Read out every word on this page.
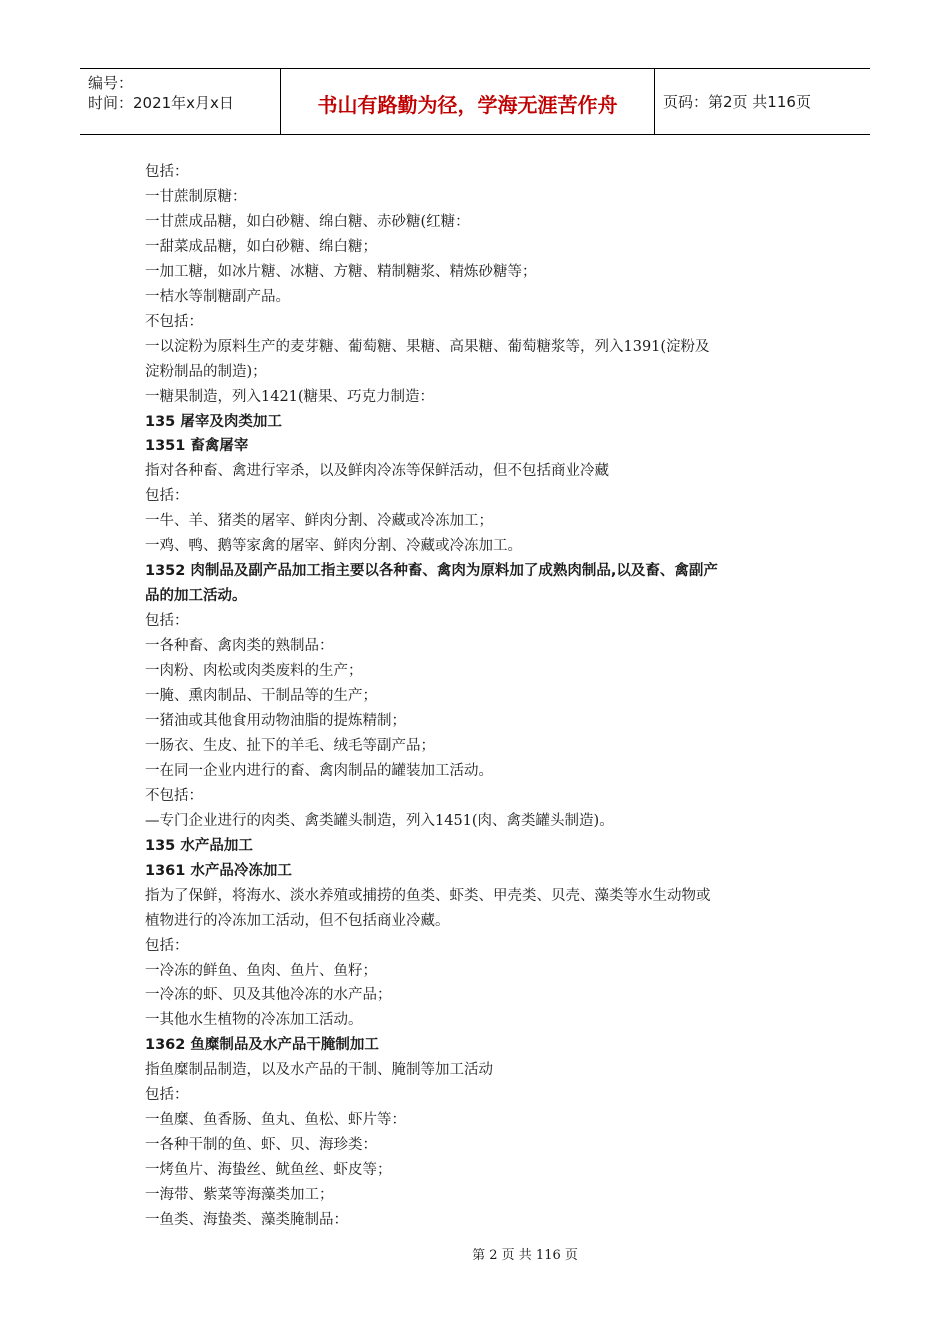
编号：
时间：2021年x月x日	书山有路勤为径，学海无涯苦作舟	页码：第2页 共116页
包括：
一甘蔗制原糖：
一甘蔗成品糖，如白砂糖、绵白糖、赤砂糖(红糖：
一甜菜成品糖，如白砂糖、绵白糖；
一加工糖，如冰片糖、冰糖、方糖、精制糖浆、精炼砂糖等；
一桔水等制糖副产品。
不包括：
一以淀粉为原料生产的麦芽糖、葡萄糖、果糖、高果糖、葡萄糖浆等，列入1391(淀粉及
淀粉制品的制造)；
一糖果制造，列入1421(糖果、巧克力制造：
135 屠宰及肉类加工
1351 畜禽屠宰
指对各种畜、禽进行宰杀，以及鲜肉冷冻等保鲜活动，但不包括商业冷藏
包括：
一牛、羊、猪类的屠宰、鲜肉分割、冷藏或冷冻加工；
一鸡、鸭、鹅等家禽的屠宰、鲜肉分割、冷藏或冷冻加工。
1352 肉制品及副产品加工指主要以各种畜、禽肉为原料加了成熟肉制品,以及畜、禽副产
品的加工活动。
包括：
一各种畜、禽肉类的熟制品：
一肉粉、肉松或肉类废料的生产；
一腌、熏肉制品、干制品等的生产；
一猪油或其他食用动物油脂的提炼精制；
一肠衣、生皮、扯下的羊毛、绒毛等副产品；
一在同一企业内进行的畜、禽肉制品的罐装加工活动。
不包括：
—专门企业进行的肉类、禽类罐头制造，列入1451(肉、禽类罐头制造)。
135 水产品加工
1361 水产品冷冻加工
指为了保鲜，将海水、淡水养殖或捕捞的鱼类、虾类、甲壳类、贝壳、藻类等水生动物或
植物进行的冷冻加工活动，但不包括商业冷藏。
包括：
一冷冻的鲜鱼、鱼肉、鱼片、鱼籽；
一冷冻的虾、贝及其他冷冻的水产品；
一其他水生植物的冷冻加工活动。
1362 鱼糜制品及水产品干腌制加工
指鱼糜制品制造，以及水产品的干制、腌制等加工活动
包括：
一鱼糜、鱼香肠、鱼丸、鱼松、虾片等：
一各种干制的鱼、虾、贝、海珍类：
一烤鱼片、海蛰丝、鱿鱼丝、虾皮等；
一海带、紫菜等海藻类加工；
一鱼类、海蛰类、藻类腌制品：
第 2 页 共 116 页
